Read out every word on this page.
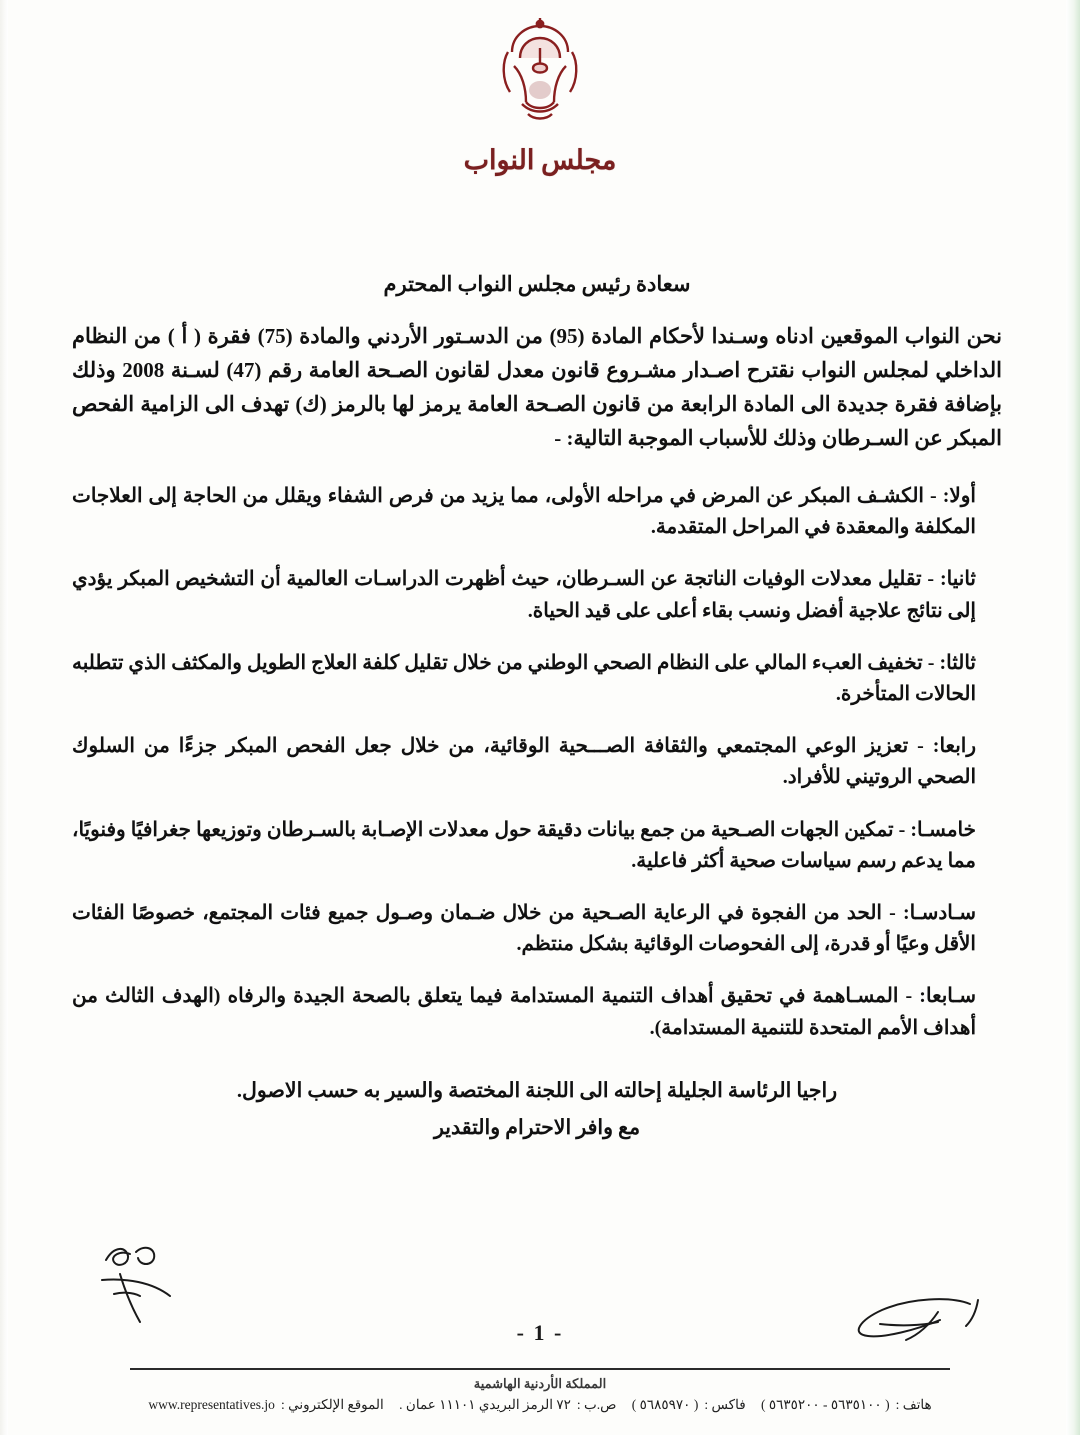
مجلس النواب
سعادة رئيس مجلس النواب المحترم

نحن النواب الموقعين ادناه وسـندا لأحكام المادة (95) من الدسـتور الأردني والمادة (75) فقرة ( أ ) من النظام الداخلي لمجلس النواب نقترح اصـدار مشـروع قانون معدل لقانون الصـحة العامة رقم (47) لسـنة 2008 وذلك بإضافة فقرة جديدة الى المادة الرابعة من قانون الصـحة العامة يرمز لها بالرمز (ك) تهدف الى الزامية الفحص المبكر عن السـرطان وذلك للأسباب الموجبة التالية: -

أولا: - الكشـف المبكر عن المرض في مراحله الأولى، مما يزيد من فرص الشفاء ويقلل من الحاجة إلى العلاجات المكلفة والمعقدة في المراحل المتقدمة.

ثانيا: - تقليل معدلات الوفيات الناتجة عن السـرطان، حيث أظهرت الدراسـات العالمية أن التشخيص المبكر يؤدي إلى نتائج علاجية أفضل ونسب بقاء أعلى على قيد الحياة.

ثالثا: - تخفيف العبء المالي على النظام الصحي الوطني من خلال تقليل كلفة العلاج الطويل والمكثف الذي تتطلبه الحالات المتأخرة.

رابعا: - تعزيز الوعي المجتمعي والثقافة الصـــحية الوقائية، من خلال جعل الفحص المبكر جزءًا من السلوك الصحي الروتيني للأفراد.

خامسـا: - تمكين الجهات الصـحية من جمع بيانات دقيقة حول معدلات الإصـابة بالسـرطان وتوزيعها جغرافيًا وفنويًا، مما يدعم رسم سياسات صحية أكثر فاعلية.

سـادسـا: - الحد من الفجوة في الرعاية الصـحية من خلال ضـمان وصـول جميع فئات المجتمع، خصوصًا الفئات الأقل وعيًا أو قدرة، إلى الفحوصات الوقائية بشكل منتظم.

سـابعا: - المسـاهمة في تحقيق أهداف التنمية المستدامة فيما يتعلق بالصحة الجيدة والرفاه (الهدف الثالث من أهداف الأمم المتحدة للتنمية المستدامة).

راجيا الرئاسة الجليلة إحالته الى اللجنة المختصة والسير به حسب الاصول.

مع وافر الاحترام والتقدير

- 1 -
المملكة الأردنية الهاشمية
هاتف :
( ٥٦٣٥١٠٠ - ٥٦٣٥٢٠٠ )

فاكس :
( ٥٦٨٥٩٧٠ )

ص.ب :
٧٢ الرمز البريدي ١١١٠١ عمان .

الموقع الإلكتروني :
www.representatives.jo
